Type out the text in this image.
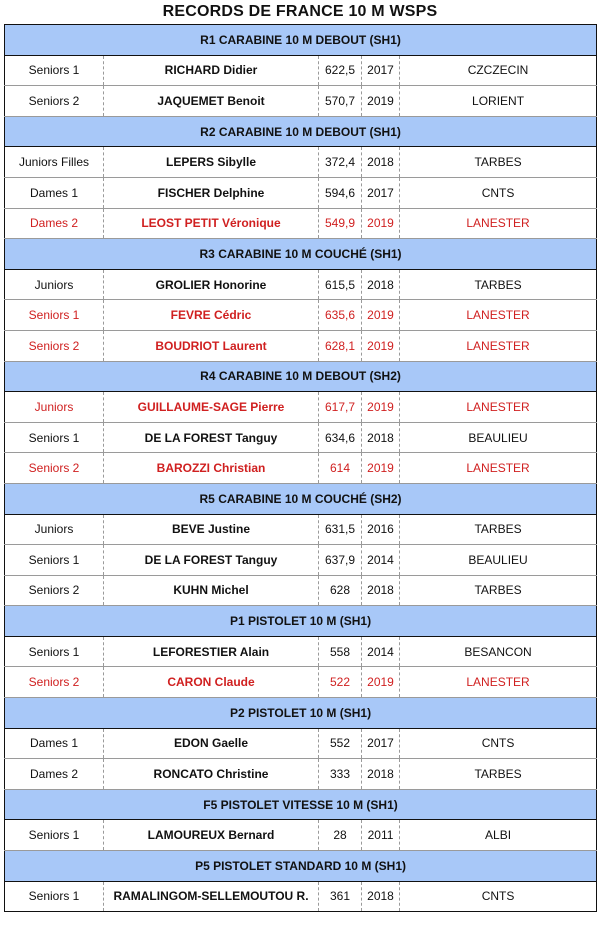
RECORDS DE FRANCE 10 M WSPS
R1 CARABINE 10 M DEBOUT (SH1)				
Seniors 1	RICHARD Didier	622,5	2017	CZCZECIN
Seniors 2	JAQUEMET Benoit	570,7	2019	LORIENT
R2 CARABINE 10 M DEBOUT (SH1)				
Juniors Filles	LEPERS Sibylle	372,4	2018	TARBES
Dames 1	FISCHER Delphine	594,6	2017	CNTS
Dames 2	LEOST PETIT Véronique	549,9	2019	LANESTER
R3 CARABINE 10 M COUCHÉ (SH1)				
Juniors	GROLIER Honorine	615,5	2018	TARBES
Seniors 1	FEVRE Cédric	635,6	2019	LANESTER
Seniors 2	BOUDRIOT Laurent	628,1	2019	LANESTER
R4 CARABINE 10 M DEBOUT (SH2)				
Juniors	GUILLAUME-SAGE Pierre	617,7	2019	LANESTER
Seniors 1	DE LA FOREST Tanguy	634,6	2018	BEAULIEU
Seniors 2	BAROZZI Christian	614	2019	LANESTER
R5 CARABINE 10 M COUCHÉ (SH2)				
Juniors	BEVE Justine	631,5	2016	TARBES
Seniors 1	DE LA FOREST Tanguy	637,9	2014	BEAULIEU
Seniors 2	KUHN Michel	628	2018	TARBES
P1 PISTOLET 10 M (SH1)				
Seniors 1	LEFORESTIER Alain	558	2014	BESANCON
Seniors 2	CARON Claude	522	2019	LANESTER
P2 PISTOLET 10 M (SH1)				
Dames 1	EDON Gaelle	552	2017	CNTS
Dames 2	RONCATO Christine	333	2018	TARBES
F5 PISTOLET VITESSE 10 M (SH1)				
Seniors 1	LAMOUREUX Bernard	28	2011	ALBI
P5 PISTOLET STANDARD 10 M (SH1)				
Seniors 1	RAMALINGOM-SELLEMOUTOU R.	361	2018	CNTS
